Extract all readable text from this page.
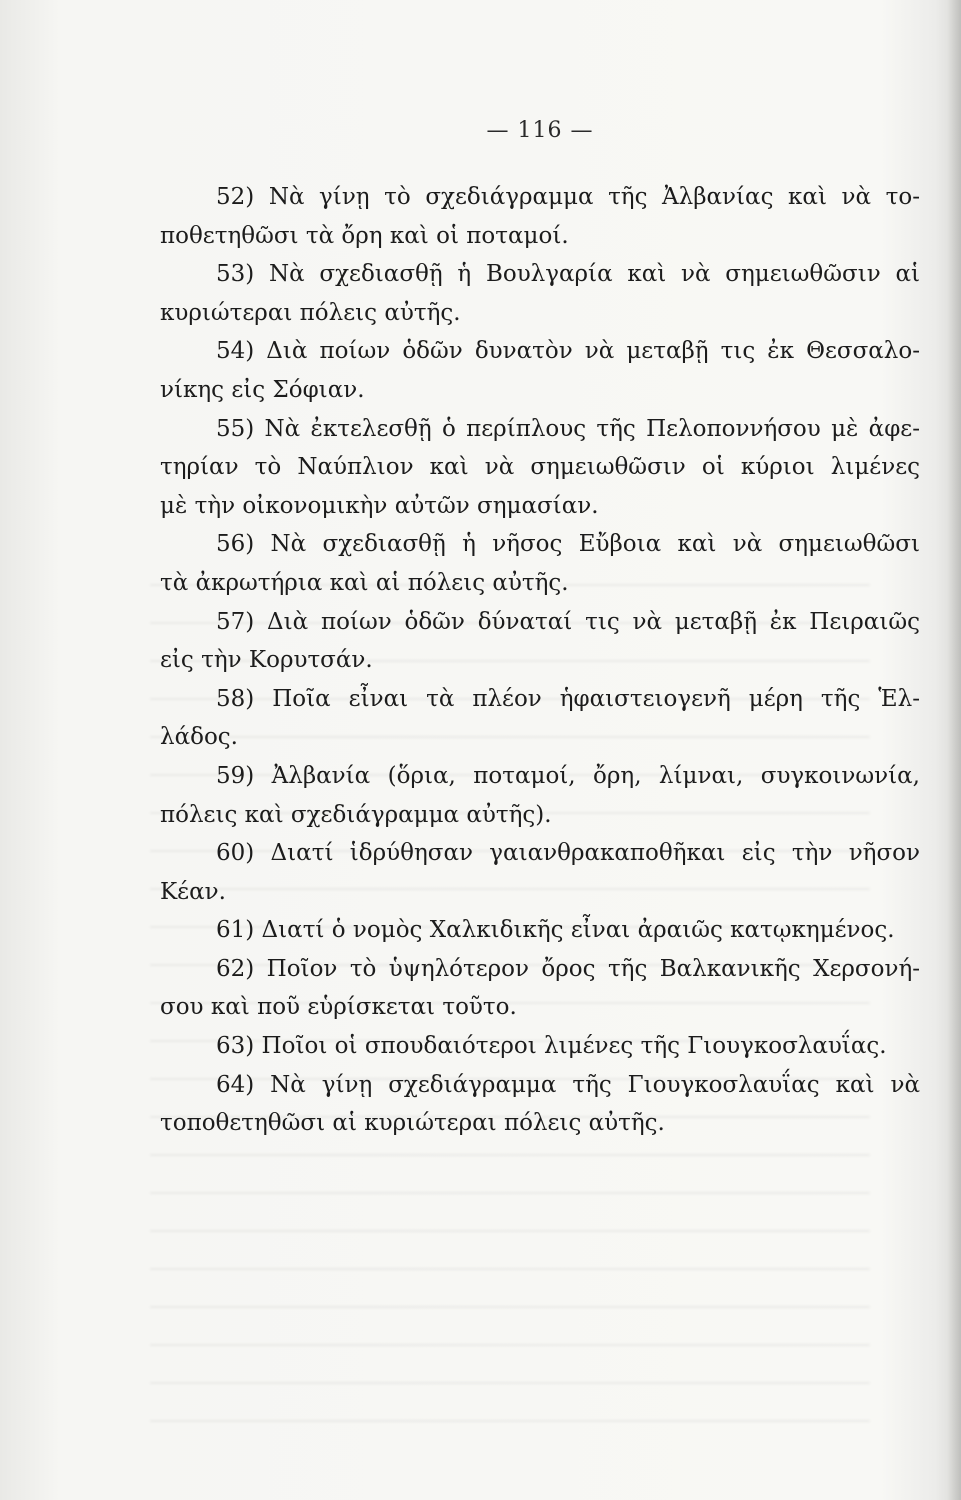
— 116 —
52) Νὰ γίνῃ τὸ σχεδιάγραμμα τῆς Ἀλβανίας καὶ νὰ το-
ποθετηθῶσι τὰ ὄρη καὶ οἱ ποταμοί.
53) Νὰ σχεδιασθῇ ἡ Βουλγαρία καὶ νὰ σημειωθῶσιν αἱ
κυριώτεραι πόλεις αὐτῆς.
54) Διὰ ποίων ὁδῶν δυνατὸν νὰ μεταβῇ τις ἐκ Θεσσαλο-
νίκης εἰς Σόφιαν.
55) Νὰ ἐκτελεσθῇ ὁ περίπλους τῆς Πελοποννήσου μὲ ἀφε-
τηρίαν τὸ Ναύπλιον καὶ νὰ σημειωθῶσιν οἱ κύριοι λιμένες
μὲ τὴν οἰκονομικὴν αὐτῶν σημασίαν.
56) Νὰ σχεδιασθῇ ἡ νῆσος Εὔβοια καὶ νὰ σημειωθῶσι
τὰ ἀκρωτήρια καὶ αἱ πόλεις αὐτῆς.
57) Διὰ ποίων ὁδῶν δύναταί τις νὰ μεταβῇ ἐκ Πειραιῶς
εἰς τὴν Κορυτσάν.
58) Ποῖα εἶναι τὰ πλέον ἡφαιστειογενῆ μέρη τῆς Ἑλ-
λάδος.
59) Ἀλβανία (ὅρια, ποταμοί, ὄρη, λίμναι, συγκοινωνία,
πόλεις καὶ σχεδιάγραμμα αὐτῆς).
60) Διατί ἱδρύθησαν γαιανθρακαποθῆκαι εἰς τὴν νῆσον
Κέαν.
61) Διατί ὁ νομὸς Χαλκιδικῆς εἶναι ἀραιῶς κατῳκημένος.
62) Ποῖον τὸ ὑψηλότερον ὄρος τῆς Βαλκανικῆς Χερσονή-
σου καὶ ποῦ εὑρίσκεται τοῦτο.
63) Ποῖοι οἱ σπουδαιότεροι λιμένες τῆς Γιουγκοσλαυΐας.
64) Νὰ γίνῃ σχεδιάγραμμα τῆς Γιουγκοσλαυΐας καὶ νὰ
τοποθετηθῶσι αἱ κυριώτεραι πόλεις αὐτῆς.
